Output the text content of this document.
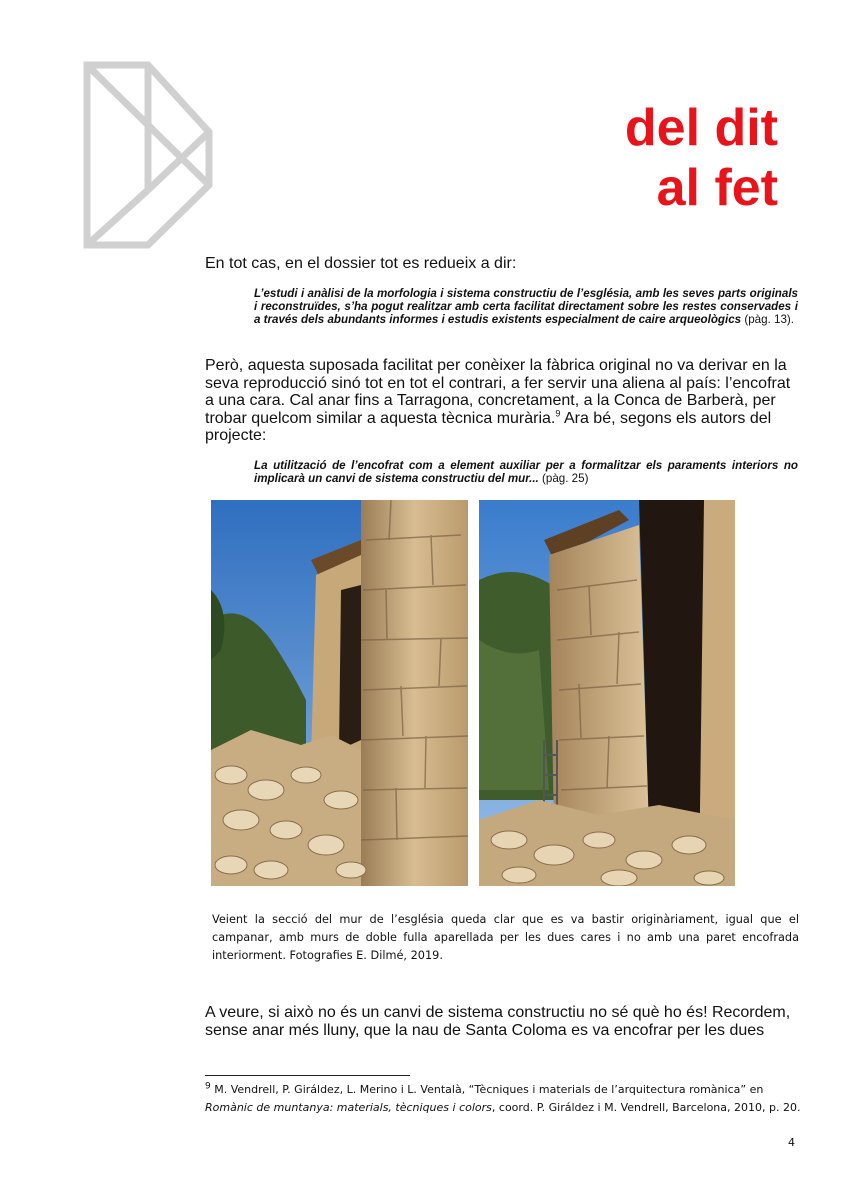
del dit
al fet
En tot cas, en el dossier tot es redueix a dir:
L’estudi i anàlisi de la morfologia i sistema constructiu de l’església, amb les seves parts originals i reconstruïdes, s’ha pogut realitzar amb certa facilitat directament sobre les restes conservades i a través dels abundants informes i estudis existents especialment de caire arqueològics (pàg. 13).
Però, aquesta suposada facilitat per conèixer la fàbrica original no va derivar en la seva reproducció sinó tot en tot el contrari, a fer servir una aliena al país: l’encofrat a una cara. Cal anar fins a Tarragona, concretament, a la Conca de Barberà, per trobar quelcom similar a aquesta tècnica murària.$^9$ Ara bé, segons els autors del projecte:
La utilització de l’encofrat com a element auxiliar per a formalitzar els paraments interiors no implicarà un canvi de sistema constructiu del mur... (pàg. 25)
Veient la secció del mur de l’església queda clar que es va bastir originàriament, igual que el campanar, amb murs de doble fulla aparellada per les dues cares i no amb una paret encofrada interiorment. Fotografies E. Dilmé, 2019.
A veure, si això no és un canvi de sistema constructiu no sé què ho és! Recordem, sense anar més lluny, que la nau de Santa Coloma es va encofrar per les dues
$^9$ M. Vendrell, P. Giráldez, L. Merino i L. Ventalà, “Tècniques i materials de l’arquitectura romànica” en Romànic de muntanya: materials, tècniques i colors, coord. P. Giráldez i M. Vendrell, Barcelona, 2010, p. 20.
4
